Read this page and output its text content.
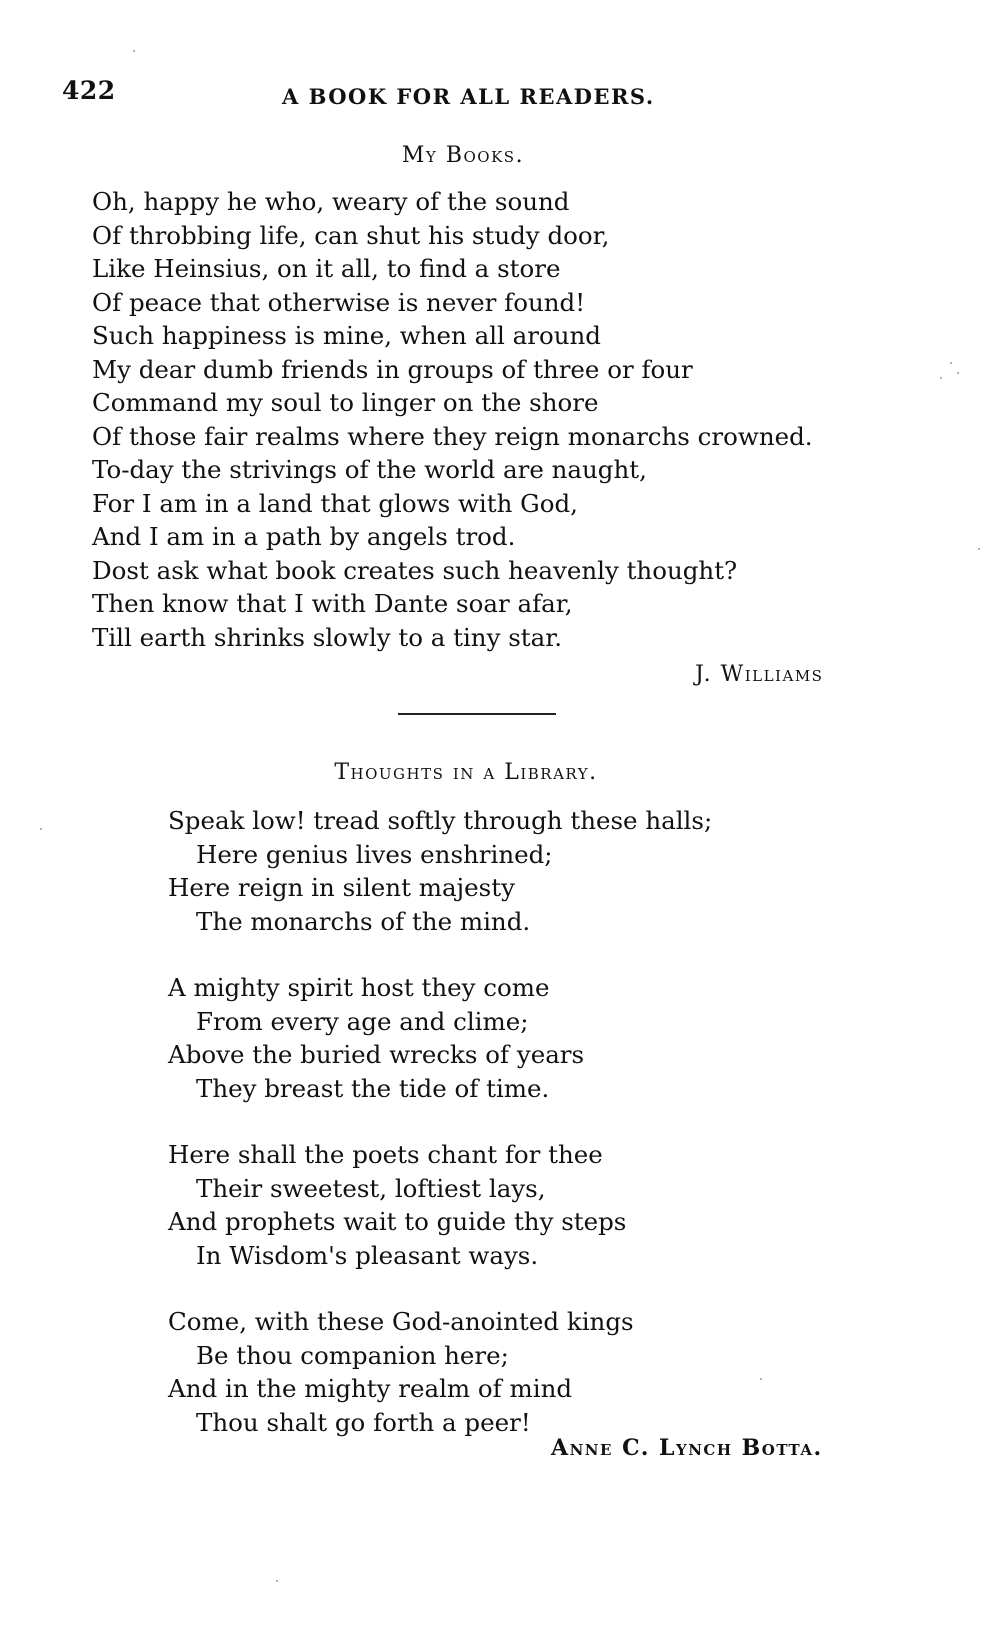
422	A BOOK FOR ALL READERS.
My Books.
Oh, happy he who, weary of the sound
Of throbbing life, can shut his study door,
Like Heinsius, on it all, to find a store
Of peace that otherwise is never found!
Such happiness is mine, when all around
My dear dumb friends in groups of three or four
Command my soul to linger on the shore
Of those fair realms where they reign monarchs crowned.
To-day the strivings of the world are naught,
For I am in a land that glows with God,
And I am in a path by angels trod.
Dost ask what book creates such heavenly thought?
Then know that I with Dante soar afar,
Till earth shrinks slowly to a tiny star.
J. Williams
Thoughts in a Library.
Speak low! tread softly through these halls;
Here genius lives enshrined;
Here reign in silent majesty
The monarchs of the mind.
A mighty spirit host they come
From every age and clime;
Above the buried wrecks of years
They breast the tide of time.
Here shall the poets chant for thee
Their sweetest, loftiest lays,
And prophets wait to guide thy steps
In Wisdom's pleasant ways.
Come, with these God-anointed kings
Be thou companion here;
And in the mighty realm of mind
Thou shalt go forth a peer!
Anne C. Lynch Botta.
